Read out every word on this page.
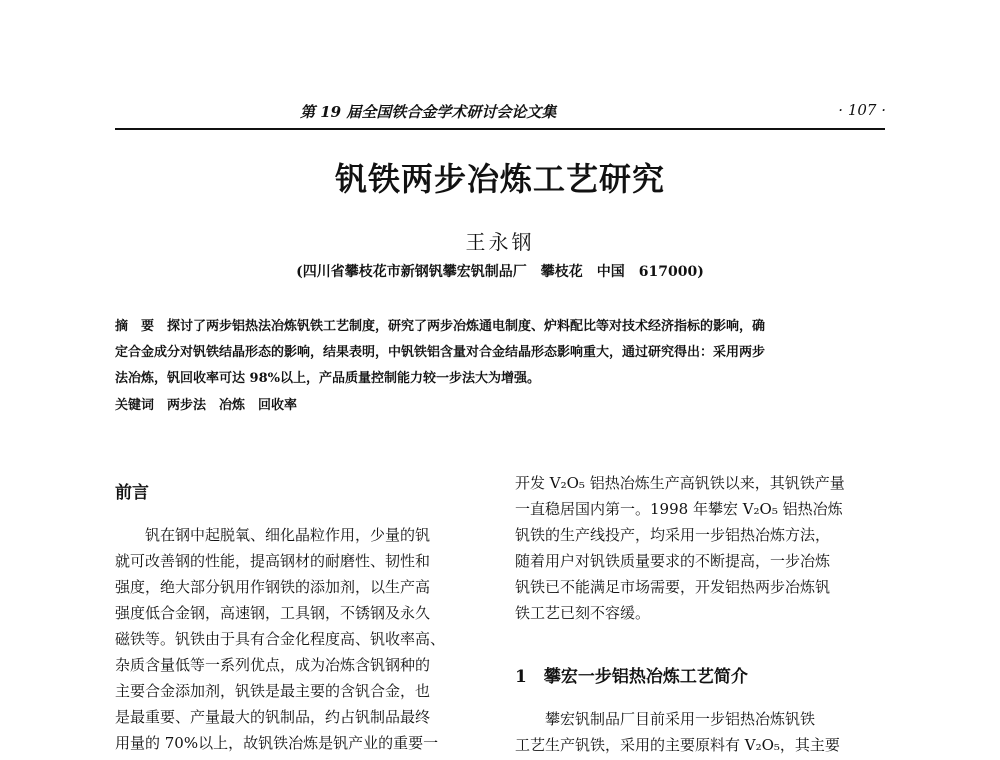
第 19 届全国铁合金学术研讨会论文集	· 107 ·
钒铁两步冶炼工艺研究
王永钢
(四川省攀枝花市新钢钒攀宏钒制品厂　攀枝花　中国　617000)
摘　要　探讨了两步铝热法冶炼钒铁工艺制度，研究了两步冶炼通电制度、炉料配比等对技术经济指标的影响，确
定合金成分对钒铁结晶形态的影响，结果表明，中钒铁铝含量对合金结晶形态影响重大，通过研究得出：采用两步
法冶炼，钒回收率可达 98%以上，产品质量控制能力较一步法大为增强。
关键词　两步法　冶炼　回收率
前言
　　钒在钢中起脱氧、细化晶粒作用，少量的钒
就可改善钢的性能，提高钢材的耐磨性、韧性和
强度，绝大部分钒用作钢铁的添加剂，以生产高
强度低合金钢，高速钢，工具钢，不锈钢及永久
磁铁等。钒铁由于具有合金化程度高、钒收率高、
杂质含量低等一系列优点，成为冶炼含钒钢种的
主要合金添加剂，钒铁是最主要的含钒合金，也
是最重要、产量最大的钒制品，约占钒制品最终
用量的 70%以上，故钒铁冶炼是钒产业的重要一
开发 V₂O₅ 铝热冶炼生产高钒铁以来，其钒铁产量
一直稳居国内第一。1998 年攀宏 V₂O₅ 铝热冶炼
钒铁的生产线投产，均采用一步铝热冶炼方法，
随着用户对钒铁质量要求的不断提高，一步冶炼
钒铁已不能满足市场需要，开发铝热两步冶炼钒
铁工艺已刻不容缓。
1　攀宏一步铝热冶炼工艺简介
　　攀宏钒制品厂目前采用一步铝热冶炼钒铁
工艺生产钒铁，采用的主要原料有 V₂O₅，其主要
